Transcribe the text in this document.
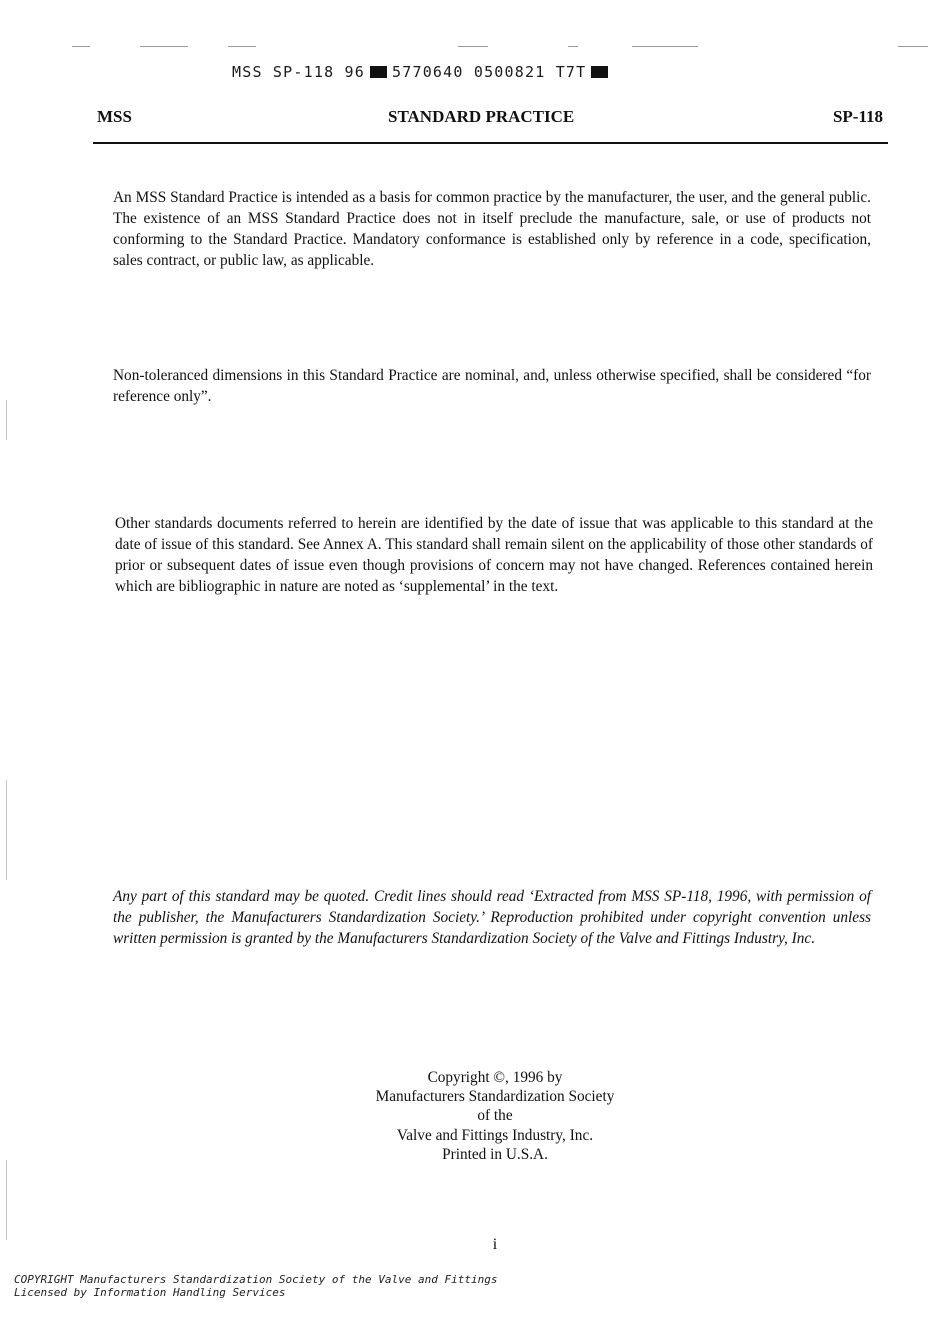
MSS SP-118 96 5770640 0500821 T7T
MSS	STANDARD PRACTICE	SP-118

An MSS Standard Practice is intended as a basis for common practice by the manufacturer, the user, and the general public. The existence of an MSS Standard Practice does not in itself preclude the manufacture, sale, or use of products not conforming to the Standard Practice. Mandatory conformance is established only by reference in a code, specification, sales contract, or public law, as applicable.

Non-toleranced dimensions in this Standard Practice are nominal, and, unless otherwise specified, shall be considered “for reference only”.

Other standards documents referred to herein are identified by the date of issue that was applicable to this standard at the date of issue of this standard. See Annex A. This standard shall remain silent on the applicability of those other standards of prior or subsequent dates of issue even though provisions of concern may not have changed. References contained herein which are bibliographic in nature are noted as ‘supplemental’ in the text.

Any part of this standard may be quoted. Credit lines should read ‘Extracted from MSS SP-118, 1996, with permission of the publisher, the Manufacturers Standardization Society.’ Reproduction prohibited under copyright convention unless written permission is granted by the Manufacturers Standardization Society of the Valve and Fittings Industry, Inc.

Copyright ©, 1996 by
Manufacturers Standardization Society
of the
Valve and Fittings Industry, Inc.
Printed in U.S.A.
i
COPYRIGHT Manufacturers Standardization Society of the Valve and Fittings
Licensed by Information Handling Services
